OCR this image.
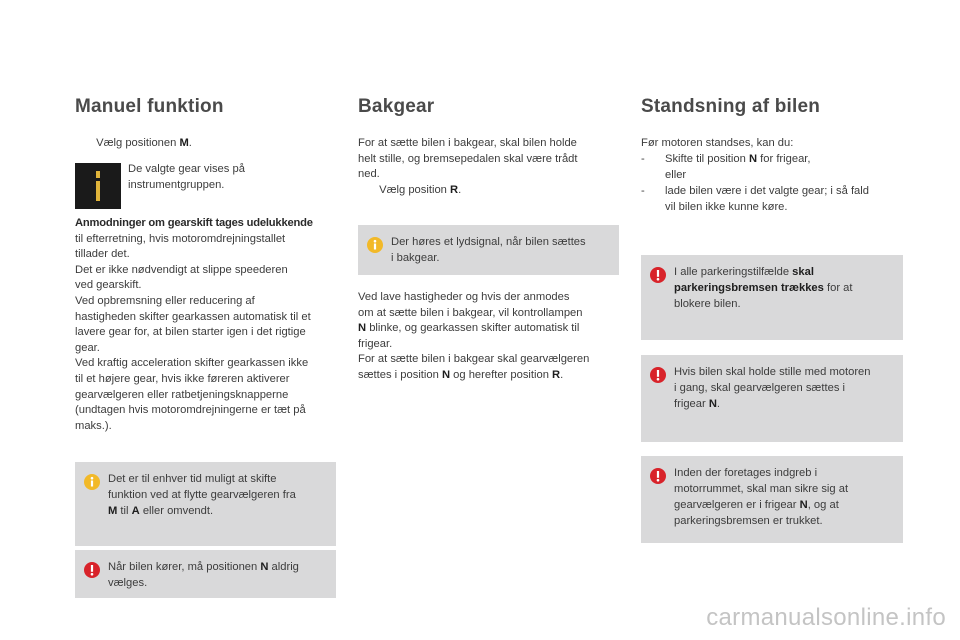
Manuel funktion
Vælg positionen M.
De valgte gear vises på
instrumentgruppen.
Anmodninger om gearskift tages udelukkende
til efterretning, hvis motoromdrejningstallet
tillader det.
Det er ikke nødvendigt at slippe speederen
ved gearskift.
Ved opbremsning eller reducering af
hastigheden skifter gearkassen automatisk til et
lavere gear for, at bilen starter igen i det rigtige
gear.
Ved kraftig acceleration skifter gearkassen ikke
til et højere gear, hvis ikke føreren aktiverer
gearvælgeren eller ratbetjeningsknapperne
(undtagen hvis motoromdrejningerne er tæt på
maks.).
Det er til enhver tid muligt at skifte
funktion ved at flytte gearvælgeren fra
M til A eller omvendt.
Når bilen kører, må positionen N aldrig
vælges.
Bakgear
For at sætte bilen i bakgear, skal bilen holde
helt stille, og bremsepedalen skal være trådt
ned.
Vælg position R.
Der høres et lydsignal, når bilen sættes
i bakgear.
Ved lave hastigheder og hvis der anmodes
om at sætte bilen i bakgear, vil kontrollampen
N blinke, og gearkassen skifter automatisk til
frigear.
For at sætte bilen i bakgear skal gearvælgeren
sættes i position N og herefter position R.
Standsning af bilen
Før motoren standses, kan du:
-	Skifte til position N for frigear,
eller
-	lade bilen være i det valgte gear; i så fald
vil bilen ikke kunne køre.
I alle parkeringstilfælde skal
parkeringsbremsen trækkes for at
blokere bilen.
Hvis bilen skal holde stille med motoren
i gang, skal gearvælgeren sættes i
frigear N.
Inden der foretages indgreb i
motorrummet, skal man sikre sig at
gearvælgeren er i frigear N, og at
parkeringsbremsen er trukket.
carmanualsonline.info
